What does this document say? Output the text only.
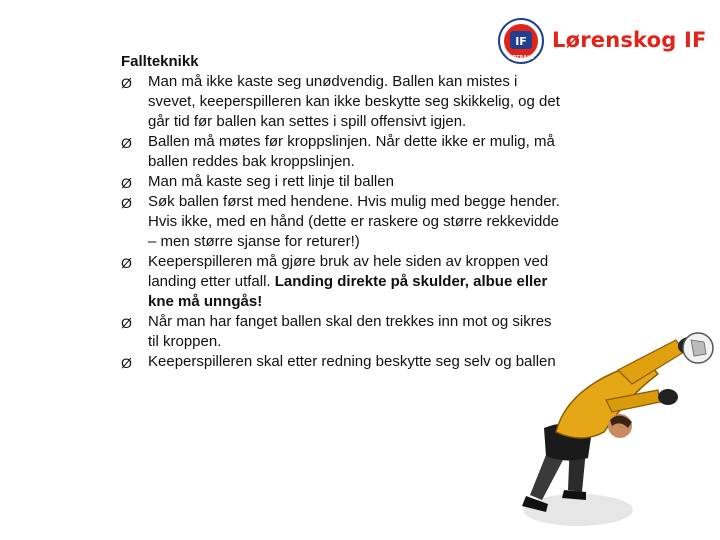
IF
FOTBALL
Lørenskog IF
Fallteknikk
Ø Man må ikke kaste seg unødvendig. Ballen kan mistes i svevet, keeperspilleren kan ikke beskytte seg skikkelig, og det går tid før ballen kan settes i spill offensivt igjen.
Ø Ballen må møtes før kroppslinjen. Når dette ikke er mulig, må ballen reddes bak kroppslinjen.
Ø Man må kaste seg i rett linje til ballen
Ø Søk ballen først med hendene. Hvis mulig med begge hender. Hvis ikke, med en hånd (dette er raskere og større rekkevidde – men større sjanse for returer!)
Ø Keeperspilleren må gjøre bruk av hele siden av kroppen ved landing etter utfall. Landing direkte på skulder, albue eller kne må unngås!
Ø Når man har fanget ballen skal den trekkes inn mot og sikres til kroppen.
Ø Keeperspilleren skal etter redning beskytte seg selv og ballen
